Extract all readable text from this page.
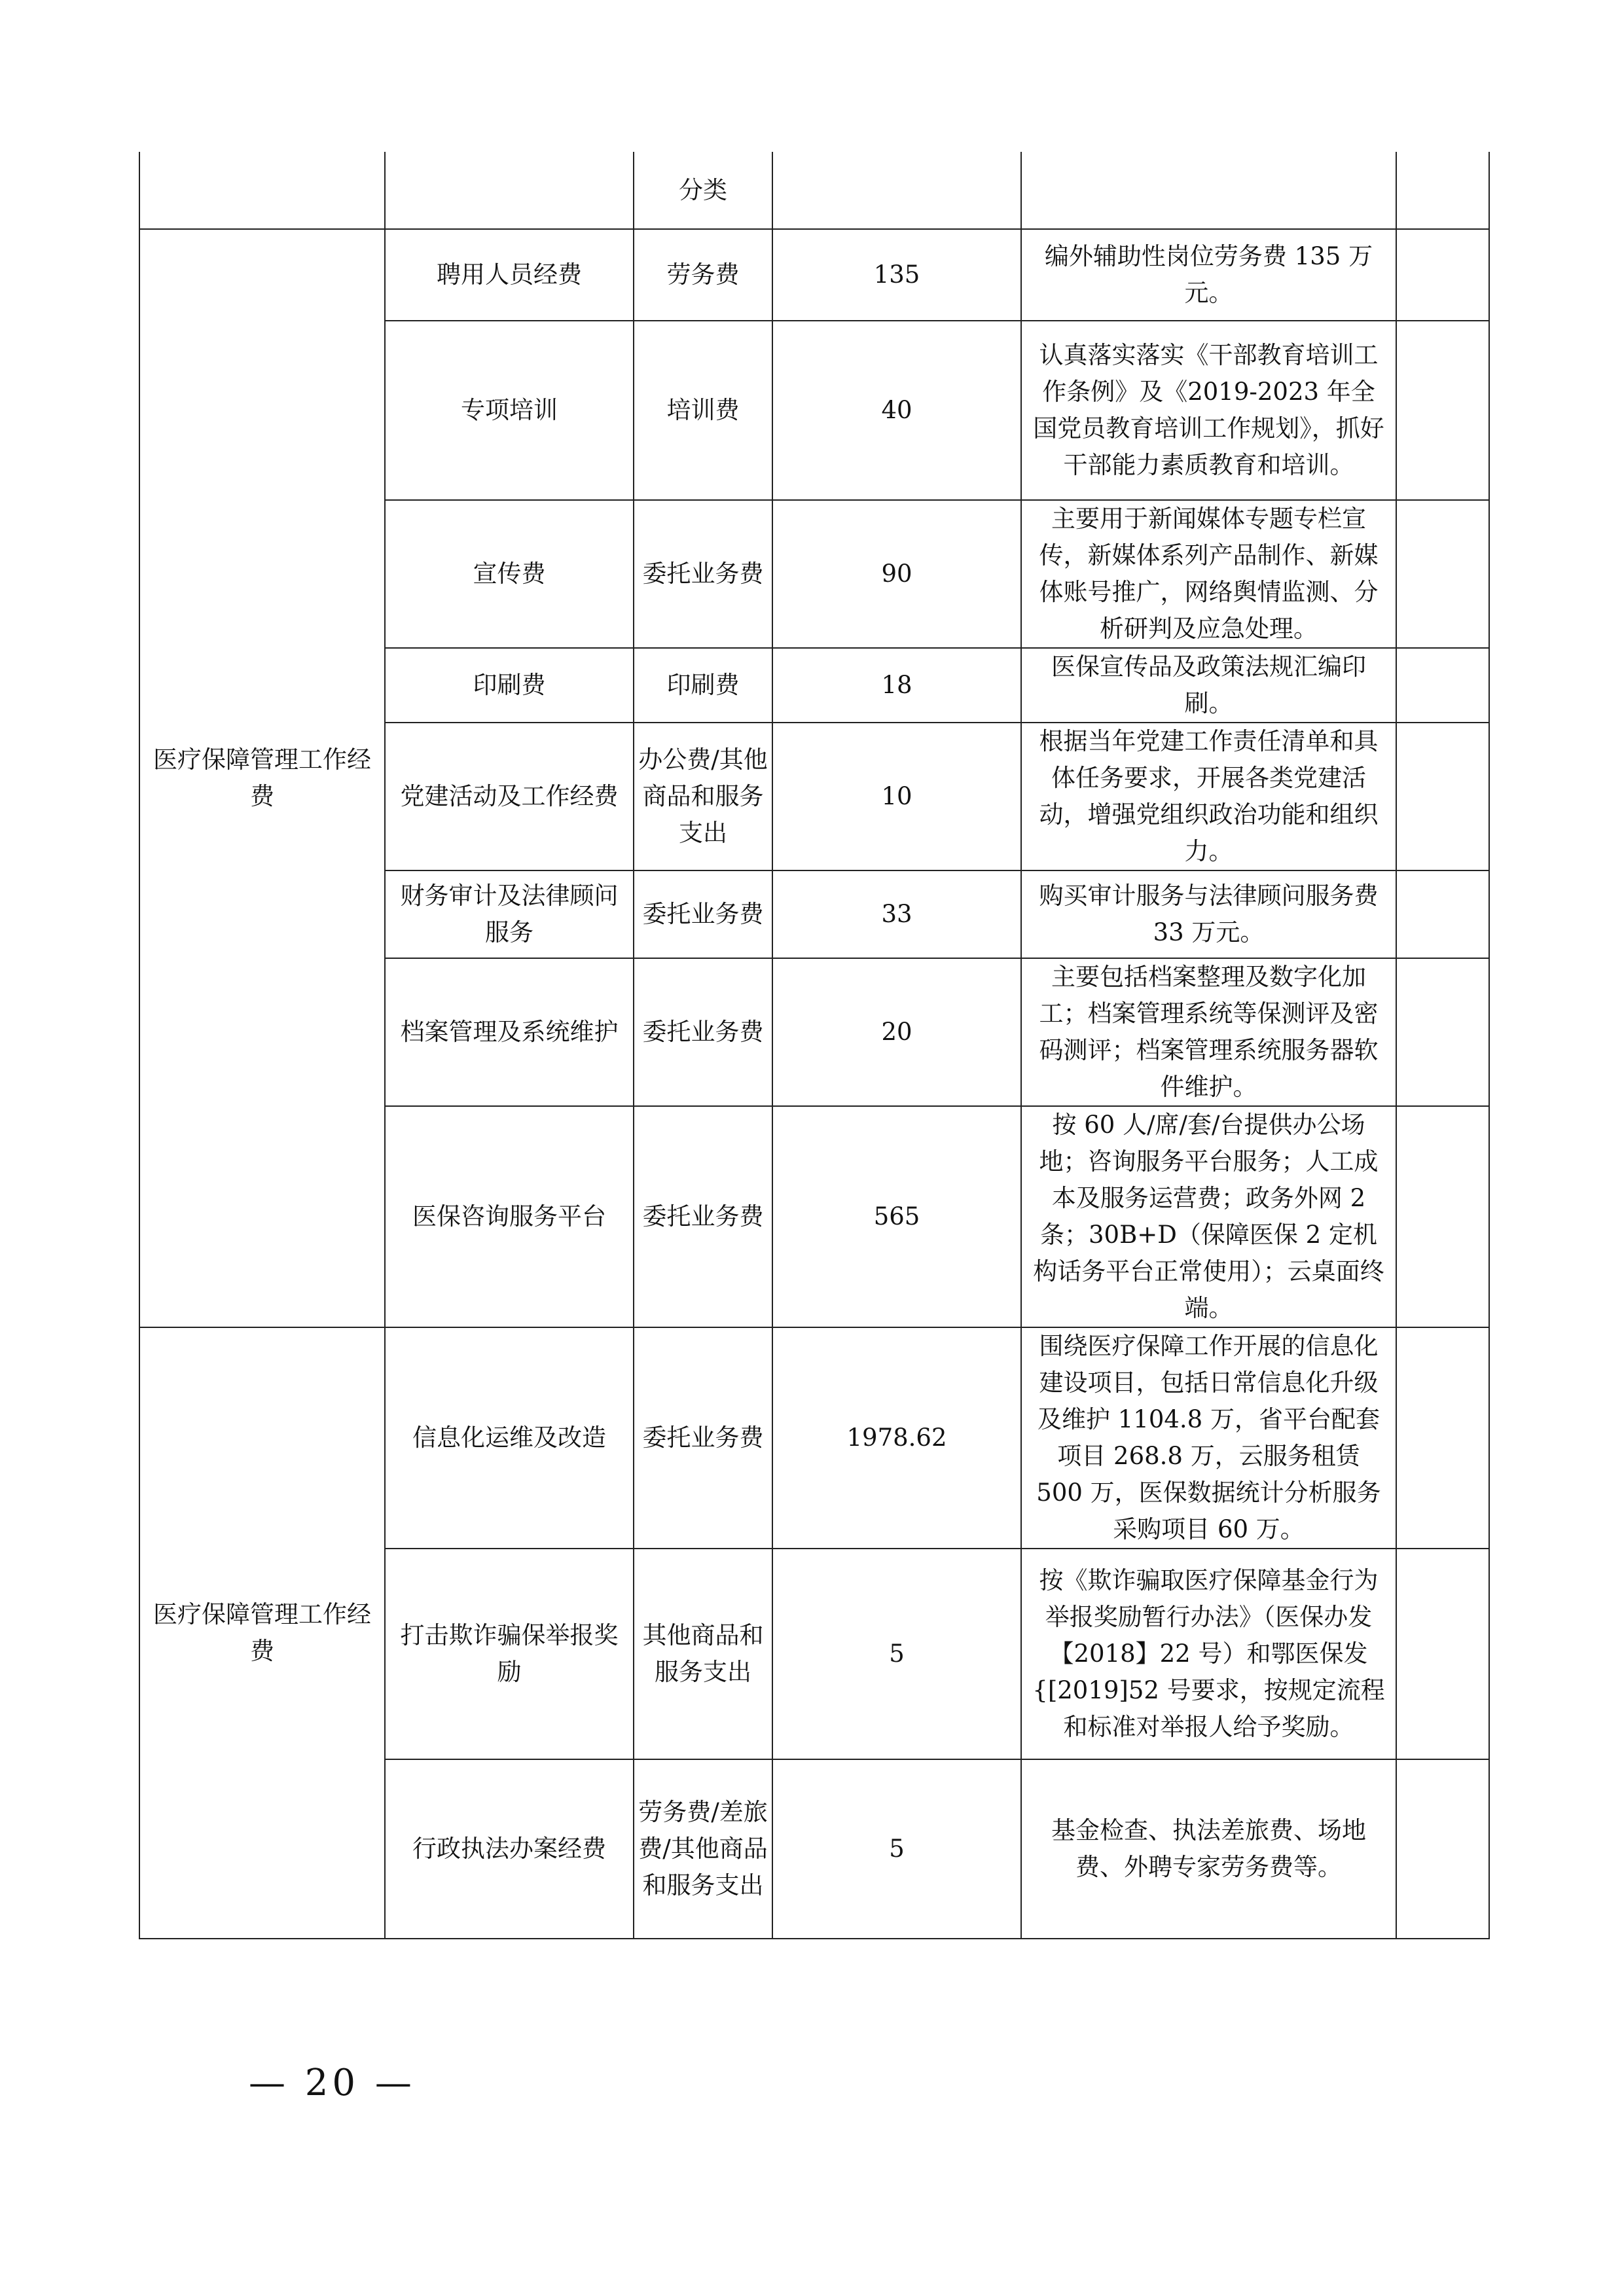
		分类			
医疗保障管理工作经费	聘用人员经费	劳务费	135	编外辅助性岗位劳务费 135 万元。	
	专项培训	培训费	40	认真落实落实《干部教育培训工作条例》及《2019-2023 年全国党员教育培训工作规划》，抓好干部能力素质教育和培训。	
	宣传费	委托业务费	90	主要用于新闻媒体专题专栏宣传，新媒体系列产品制作、新媒体账号推广，网络舆情监测、分析研判及应急处理。	
	印刷费	印刷费	18	医保宣传品及政策法规汇编印刷。	
	党建活动及工作经费	办公费/其他商品和服务支出	10	根据当年党建工作责任清单和具体任务要求，开展各类党建活动，增强党组织政治功能和组织力。	
	财务审计及法律顾问服务	委托业务费	33	购买审计服务与法律顾问服务费 33 万元。	
	档案管理及系统维护	委托业务费	20	主要包括档案整理及数字化加工；档案管理系统等保测评及密码测评；档案管理系统服务器软件维护。	
	医保咨询服务平台	委托业务费	565	按 60 人/席/套/台提供办公场地；咨询服务平台服务；人工成本及服务运营费；政务外网 2 条；30B+D（保障医保 2 定机构话务平台正常使用）；云桌面终端。	
医疗保障管理工作经费	信息化运维及改造	委托业务费	1978.62	围绕医疗保障工作开展的信息化建设项目，包括日常信息化升级及维护 1104.8 万，省平台配套项目 268.8 万，云服务租赁 500 万，医保数据统计分析服务采购项目 60 万。	
	打击欺诈骗保举报奖励	其他商品和服务支出	5	按《欺诈骗取医疗保障基金行为举报奖励暂行办法》（医保办发【2018】22 号）和鄂医保发{[2019]52 号要求，按规定流程和标准对举报人给予奖励。	
	行政执法办案经费	劳务费/差旅费/其他商品和服务支出	5	基金检查、执法差旅费、场地费、外聘专家劳务费等。	
— 20 —
